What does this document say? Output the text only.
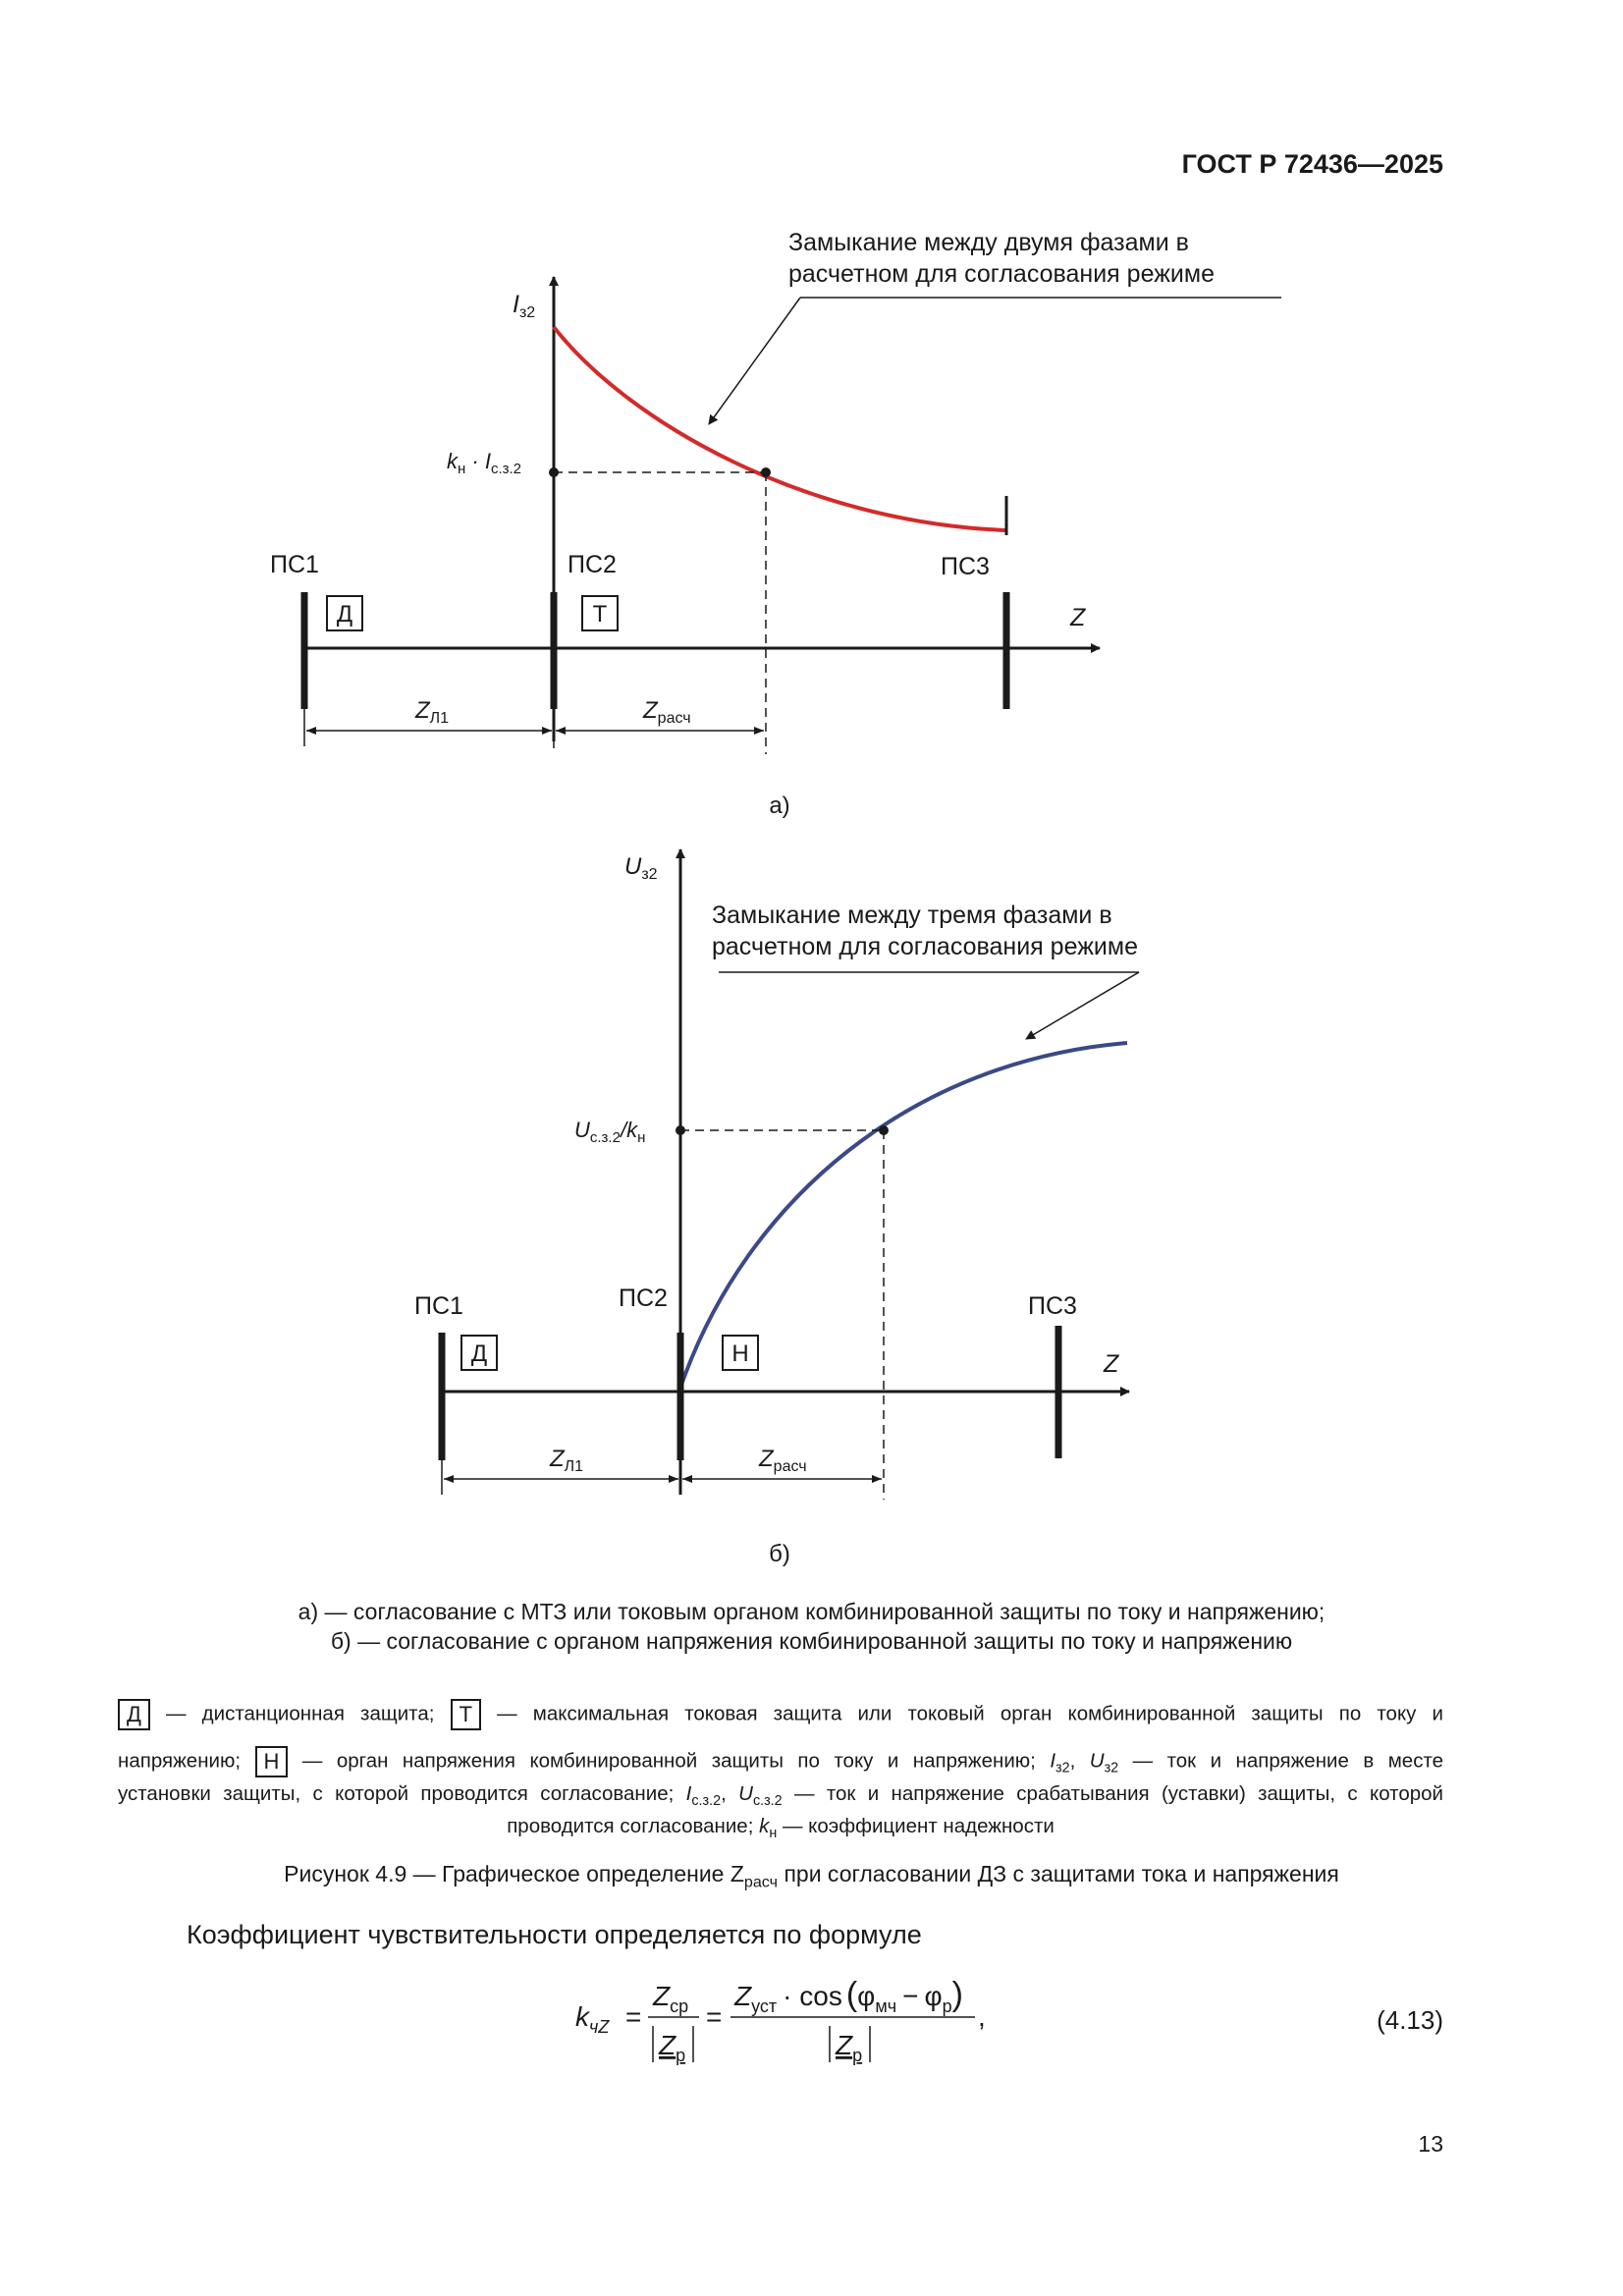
ГОСТ Р 72436—2025
Замыкание между двумя фазами в
расчетном для согласования режиме
$I_{з2}$
$k_н \cdot I_{с.з.2}$
Z
ПС1	ПС2	ПС3
Д	Т
$Z_{Л1}$	$Z_{расч}$
а)
Замыкание между тремя фазами в
расчетном для согласования режиме
$U_{з2}$
$U_{с.з.2}/k_н$
Z
ПС1	ПС2	ПС3
Д	Н
$Z_{Л1}$	$Z_{расч}$
б)
а) — согласование с МТЗ или токовым органом комбинированной защиты по току и напряжению;
б) — согласование с органом напряжения комбинированной защиты по току и напряжению
Д — дистанционная защита; Т — максимальная токовая защита или токовый орган комбинированной защиты по току и
напряжению; Н — орган напряжения комбинированной защиты по току и напряжению; $I_{з2}$, $U_{з2}$ — ток и напряжение в месте
установки защиты, с которой проводится согласование; $I_{с.з.2}$, $U_{с.з.2}$ — ток и напряжение срабатывания (уставки) защиты, с которой
проводится согласование; $k_н$ — коэффициент надежности
Рисунок 4.9 — Графическое определение $Z_{расч}$ при согласовании ДЗ с защитами тока и напряжения
Коэффициент чувствительности определяется по формуле
$k_{чZ}$ =
$Z_{ср}$
$Z_р$
=
$Z_{уст} \cdot \cos (\varphi_{мч} - \varphi_р)$
$Z_р$
,	(4.13)
13
